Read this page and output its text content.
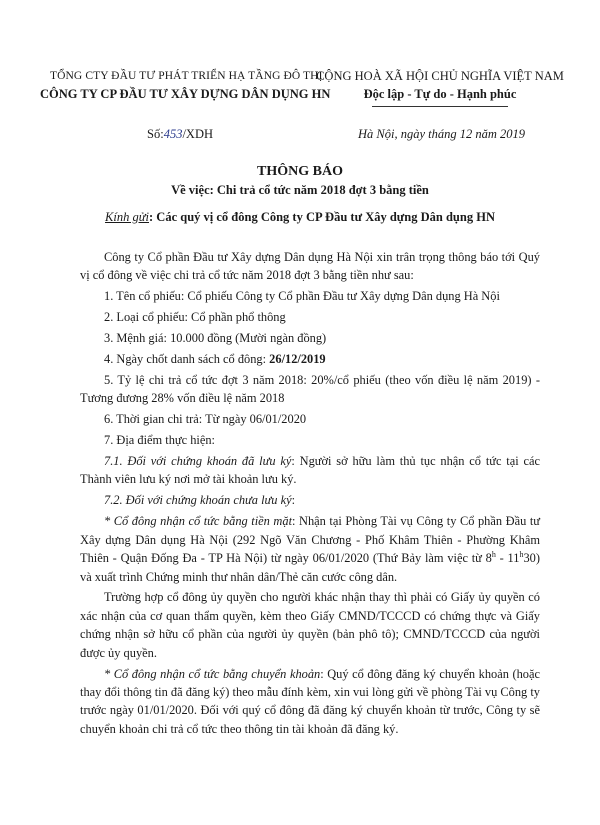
TỔNG CTY ĐẦU TƯ PHÁT TRIỂN HẠ TẦNG ĐÔ THỊ
CÔNG TY CP ĐẦU TƯ XÂY DỰNG DÂN DỤNG HN
CỘNG HOÀ XÃ HỘI CHỦ NGHĨA VIỆT NAM
Độc lập - Tự do - Hạnh phúc
Số:453/XDH	Hà Nội, ngày tháng 12 năm 2019
THÔNG BÁO
Về việc: Chi trả cổ tức năm 2018 đợt 3 bằng tiền
Kính gửi: Các quý vị cổ đông Công ty CP Đầu tư Xây dựng Dân dụng HN

Công ty Cổ phần Đầu tư Xây dựng Dân dụng Hà Nội xin trân trọng thông báo tới Quý vị cổ đông về việc chi trả cổ tức năm 2018 đợt 3 bằng tiền như sau:

1. Tên cổ phiếu: Cổ phiếu Công ty Cổ phần Đầu tư Xây dựng Dân dụng Hà Nội

2. Loại cổ phiếu: Cổ phần phổ thông

3. Mệnh giá: 10.000 đồng (Mười ngàn đồng)

4. Ngày chốt danh sách cổ đông: 26/12/2019

5. Tỷ lệ chi trả cổ tức đợt 3 năm 2018: 20%/cổ phiếu (theo vốn điều lệ năm 2019) - Tương đương 28% vốn điều lệ năm 2018

6. Thời gian chi trả: Từ ngày 06/01/2020

7. Địa điểm thực hiện:

7.1. Đối với chứng khoán đã lưu ký: Người sở hữu làm thủ tục nhận cổ tức tại các Thành viên lưu ký nơi mở tài khoản lưu ký.

7.2. Đối với chứng khoán chưa lưu ký:

* Cổ đông nhận cổ tức bằng tiền mặt: Nhận tại Phòng Tài vụ Công ty Cổ phần Đầu tư Xây dựng Dân dụng Hà Nội (292 Ngõ Văn Chương - Phố Khâm Thiên - Phường Khâm Thiên - Quận Đống Đa - TP Hà Nội) từ ngày 06/01/2020 (Thứ Bảy làm việc từ 8$^h$ - 11$^h$30) và xuất trình Chứng minh thư nhân dân/Thẻ căn cước công dân.

Trường hợp cổ đông ủy quyền cho người khác nhận thay thì phải có Giấy ủy quyền có xác nhận của cơ quan thẩm quyền, kèm theo Giấy CMND/TCCCD có chứng thực và Giấy chứng nhận sở hữu cổ phần của người ủy quyền (bản phô tô); CMND/TCCCD của người được ủy quyền.

* Cổ đông nhận cổ tức bằng chuyển khoản: Quý cổ đông đăng ký chuyển khoản (hoặc thay đổi thông tin đã đăng ký) theo mẫu đính kèm, xin vui lòng gửi về phòng Tài vụ Công ty trước ngày 01/01/2020. Đối với quý cổ đông đã đăng ký chuyển khoản từ trước, Công ty sẽ chuyển khoản chi trả cổ tức theo thông tin tài khoản đã đăng ký.
